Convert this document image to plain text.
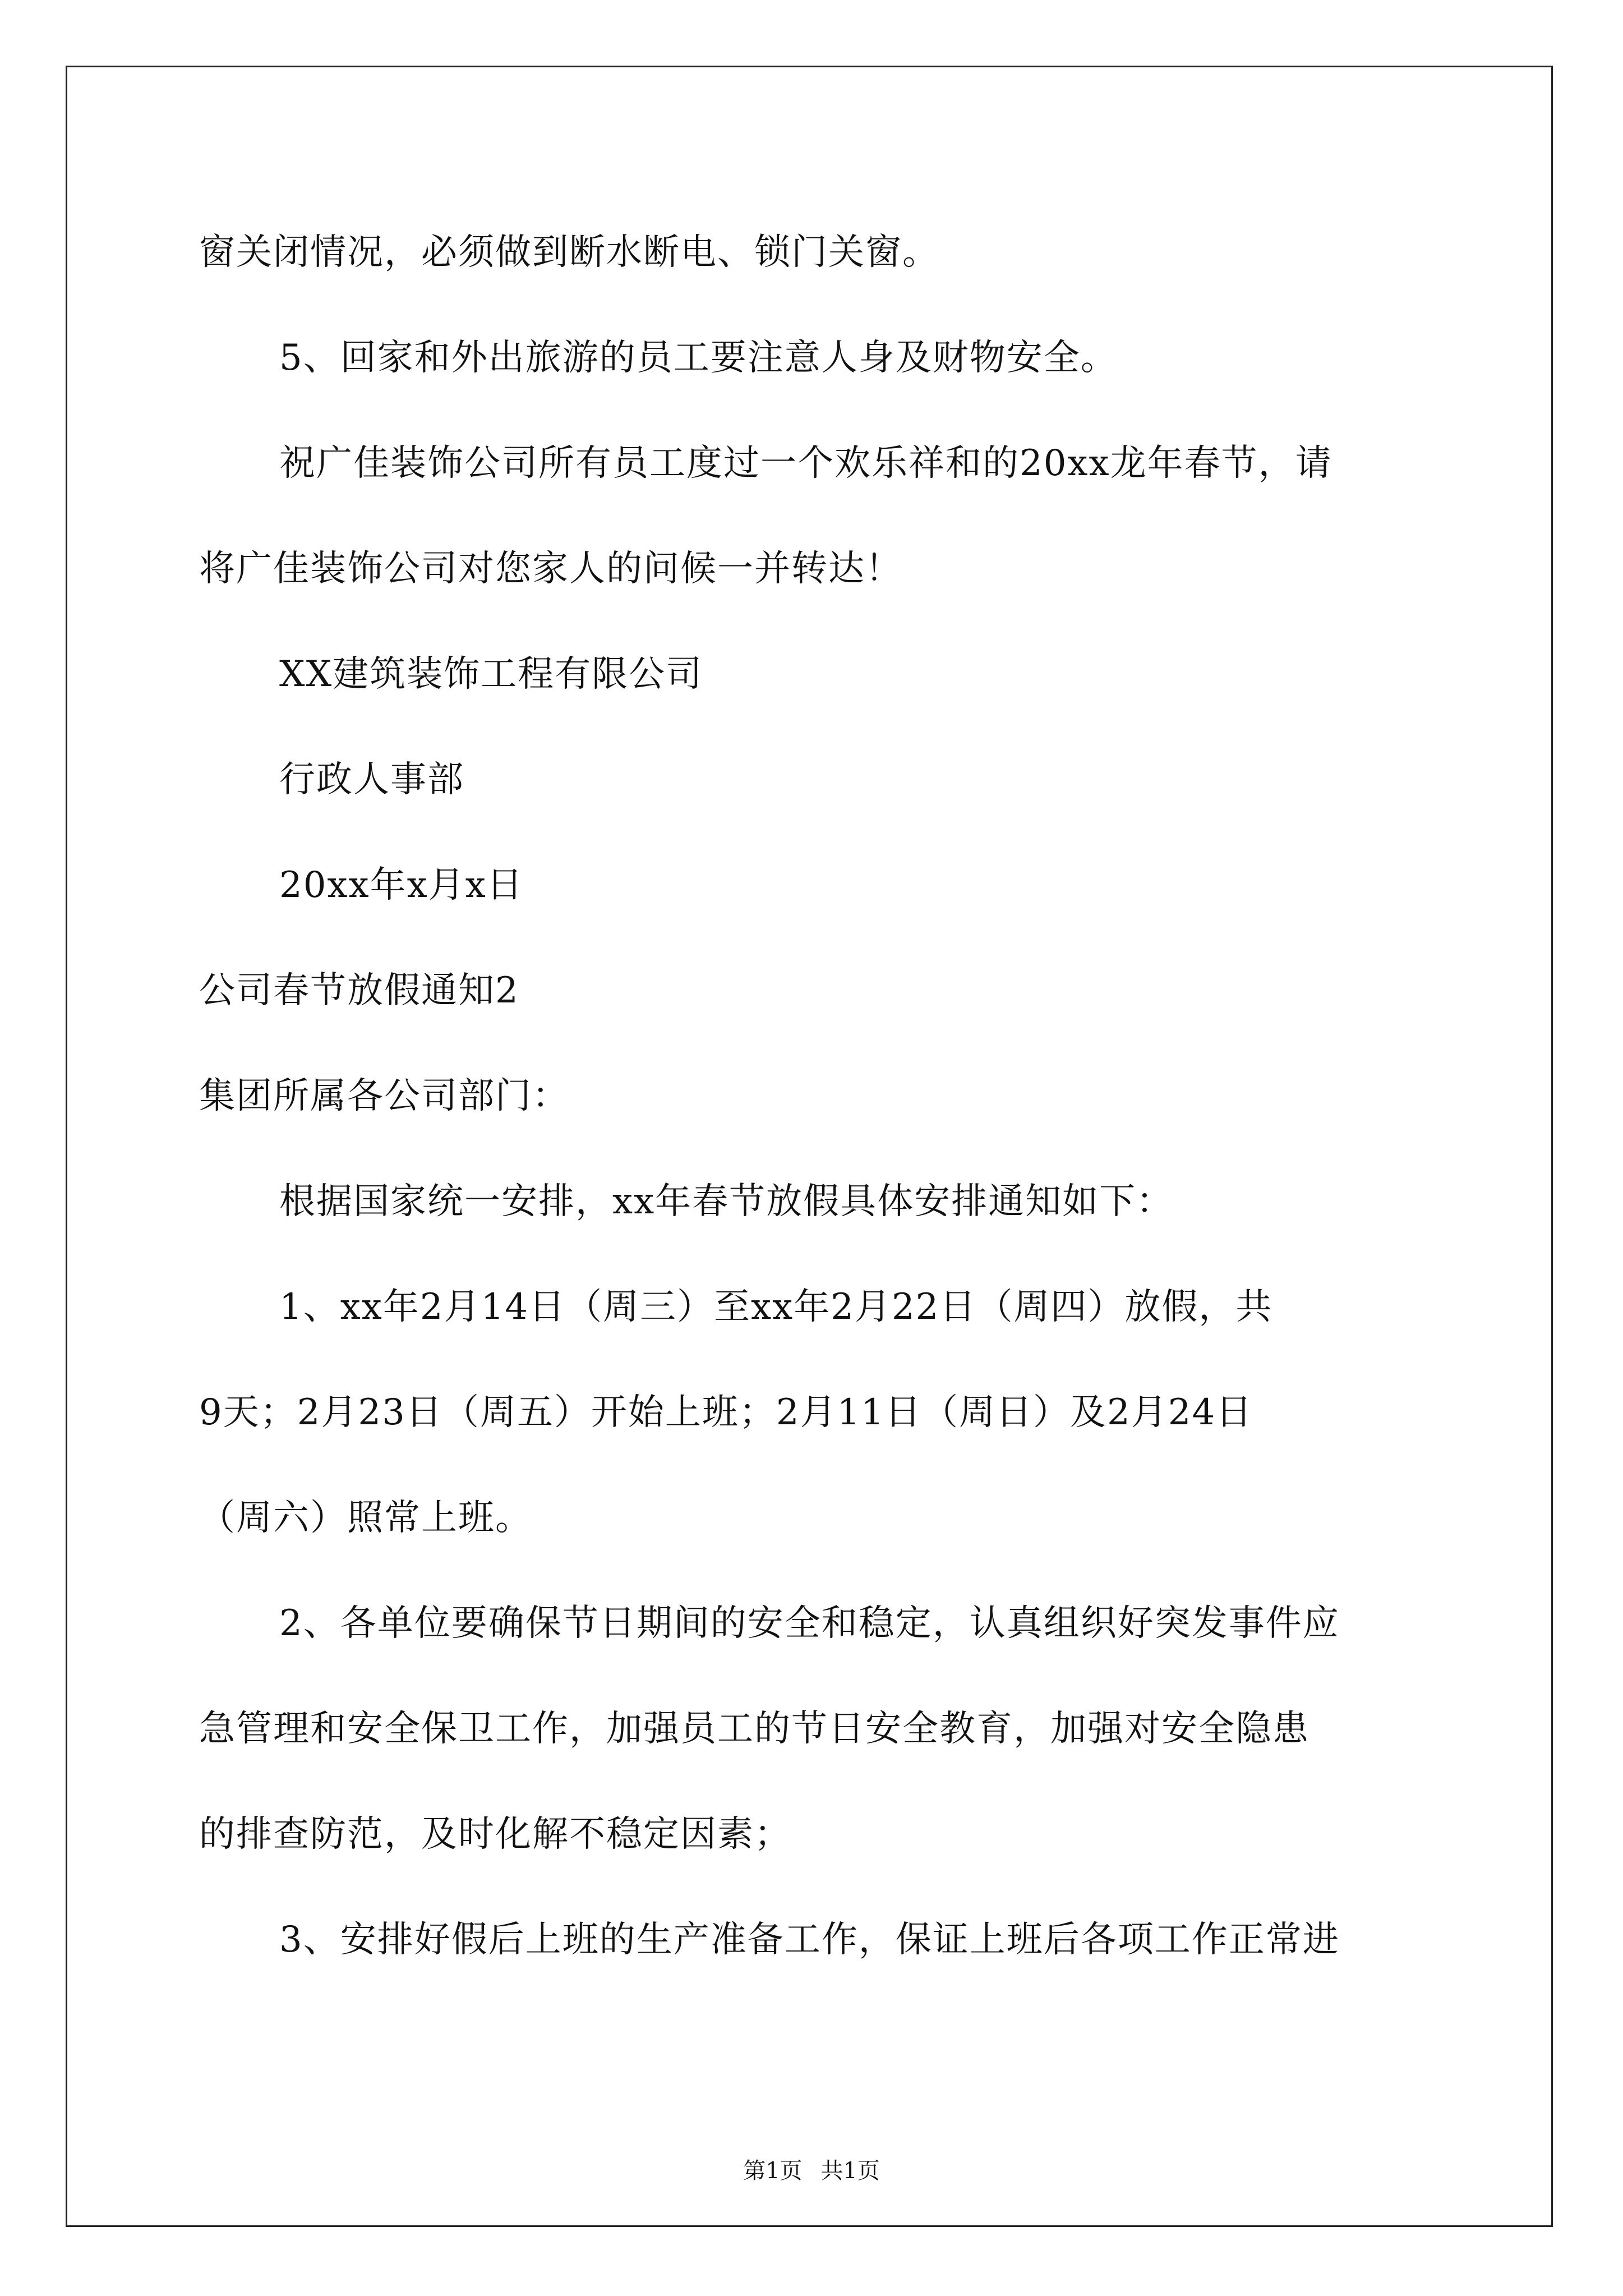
窗关闭情况，必须做到断水断电、锁门关窗。
5、回家和外出旅游的员工要注意人身及财物安全。
祝广佳装饰公司所有员工度过一个欢乐祥和的20xx龙年春节，请
将广佳装饰公司对您家人的问候一并转达！
XX建筑装饰工程有限公司
行政人事部
20xx年x月x日
公司春节放假通知2
集团所属各公司部门：
根据国家统一安排，xx年春节放假具体安排通知如下：
1、xx年2月14日（周三）至xx年2月22日（周四）放假，共
9天；2月23日（周五）开始上班；2月11日（周日）及2月24日
（周六）照常上班。
2、各单位要确保节日期间的安全和稳定，认真组织好突发事件应
急管理和安全保卫工作，加强员工的节日安全教育，加强对安全隐患
的排查防范，及时化解不稳定因素；
3、安排好假后上班的生产准备工作，保证上班后各项工作正常进
第1页 共1页
